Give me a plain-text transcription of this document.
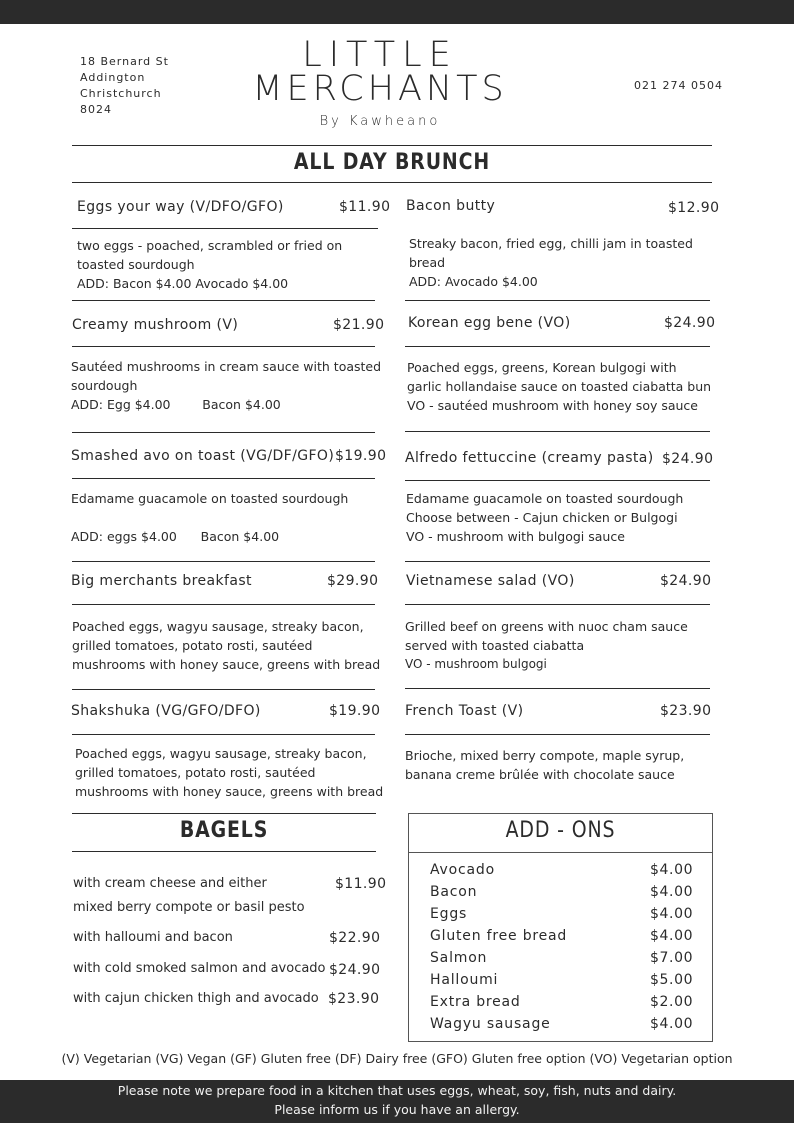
18 Bernard St
Addington
Christchurch
8024
LITTLE
MERCHANTS
By Kawheano
021 274 0504
ALL DAY BRUNCH
Eggs your way (V/DFO/GFO)	$11.90
two eggs - poached, scrambled or fried on
toasted sourdough
ADD: Bacon $4.00 Avocado $4.00
Creamy mushroom (V)	$21.90
Sautéed mushrooms in cream sauce with toasted
sourdough
ADD: Egg $4.00        Bacon $4.00
Smashed avo on toast (VG/DF/GFO) $19.90
Edamame guacamole on toasted sourdough
ADD: eggs $4.00      Bacon $4.00
Big merchants breakfast	$29.90
Poached eggs, wagyu sausage, streaky bacon,
grilled tomatoes, potato rosti, sautéed
mushrooms with honey sauce, greens with bread
Shakshuka (VG/GFO/DFO)	$19.90
Poached eggs, wagyu sausage, streaky bacon,
grilled tomatoes, potato rosti, sautéed
mushrooms with honey sauce, greens with bread
Bacon butty	$12.90
Streaky bacon, fried egg, chilli jam in toasted
bread
ADD: Avocado $4.00
Korean egg bene (VO)	$24.90
Poached eggs, greens, Korean bulgogi with
garlic hollandaise sauce on toasted ciabatta bun
VO - sautéed mushroom with honey soy sauce
Alfredo fettuccine (creamy pasta) $24.90
Edamame guacamole on toasted sourdough
Choose between - Cajun chicken or Bulgogi
VO - mushroom with bulgogi sauce
Vietnamese salad (VO)	$24.90
Grilled beef on greens with nuoc cham sauce
served with toasted ciabatta
VO - mushroom bulgogi
French Toast (V)	$23.90
Brioche, mixed berry compote, maple syrup,
banana creme brûlée with chocolate sauce
BAGELS
with cream cheese and either
mixed berry compote or basil pesto
$11.90
with halloumi and bacon	$22.90
with cold smoked salmon and avocado $24.90
with cajun chicken thigh and avocado $23.90
ADD - ONS
Avocado	$4.00
Bacon	$4.00
Eggs	$4.00
Gluten free bread	$4.00
Salmon	$7.00
Halloumi	$5.00
Extra bread	$2.00
Wagyu sausage	$4.00
(V) Vegetarian (VG) Vegan (GF) Gluten free (DF) Dairy free (GFO) Gluten free option (VO) Vegetarian option
Please note we prepare food in a kitchen that uses eggs, wheat, soy, fish, nuts and dairy.
Please inform us if you have an allergy.
